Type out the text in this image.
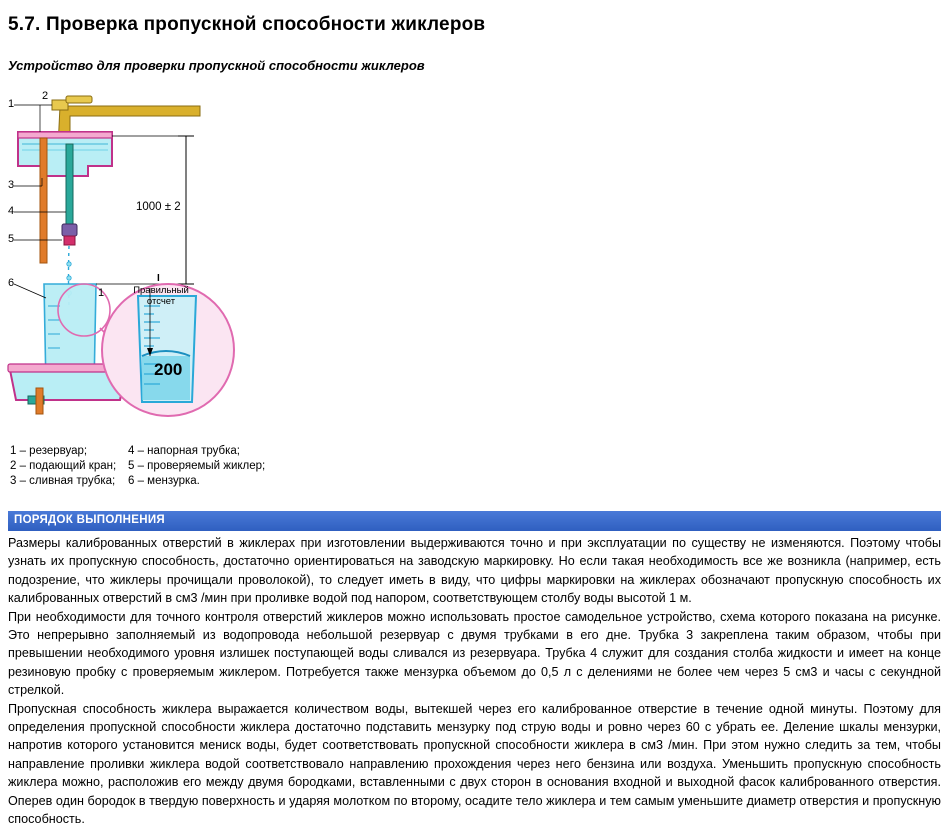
5.7. Проверка пропускной способности жиклеров
Устройство для проверки пропускной способности жиклеров
1
2
3
4
5
6
1
1000 ± 2
I
Правильный
отсчет
200
1 – резервуар;
2 – подающий кран;
3 – сливная трубка;
4 – напорная трубка;
5 – проверяемый жиклер;
6 – мензурка.
ПОРЯДОК ВЫПОЛНЕНИЯ

Размеры калиброванных отверстий в жиклерах при изготовлении выдерживаются точно и при эксплуатации по существу не изменяются. Поэтому чтобы узнать их пропускную способность, достаточно ориентироваться на заводскую маркировку. Но если такая необходимость все же возникла (например, есть подозрение, что жиклеры прочищали проволокой), то следует иметь в виду, что цифры маркировки на жиклерах обозначают пропускную способность их калиброванных отверстий в см3 /мин при проливке водой под напором, соответствующем столбу воды высотой 1 м.

При необходимости для точного контроля отверстий жиклеров можно использовать простое самодельное устройство, схема которого показана на рисунке. Это непрерывно заполняемый из водопровода небольшой резервуар с двумя трубками в его дне. Трубка 3 закреплена таким образом, чтобы при превышении необходимого уровня излишек поступающей воды сливался из резервуара. Трубка 4 служит для создания столба жидкости и имеет на конце резиновую пробку с проверяемым жиклером. Потребуется также мензурка объемом до 0,5 л с делениями не более чем через 5 см3 и часы с секундной стрелкой.

Пропускная способность жиклера выражается количеством воды, вытекшей через его калиброванное отверстие в течение одной минуты. Поэтому для определения пропускной способности жиклера достаточно подставить мензурку под струю воды и ровно через 60 с убрать ее. Деление шкалы мензурки, напротив которого установится мениск воды, будет соответствовать пропускной способности жиклера в см3 /мин. При этом нужно следить за тем, чтобы направление проливки жиклера водой соответствовало направлению прохождения через него бензина или воздуха. Уменьшить пропускную способность жиклера можно, расположив его между двумя бородками, вставленными с двух сторон в основания входной и выходной фасок калиброванного отверстия. Оперев один бородок в твердую поверхность и ударяя молотком по второму, осадите тело жиклера и тем самым уменьшите диаметр отверстия и пропускную способность.
